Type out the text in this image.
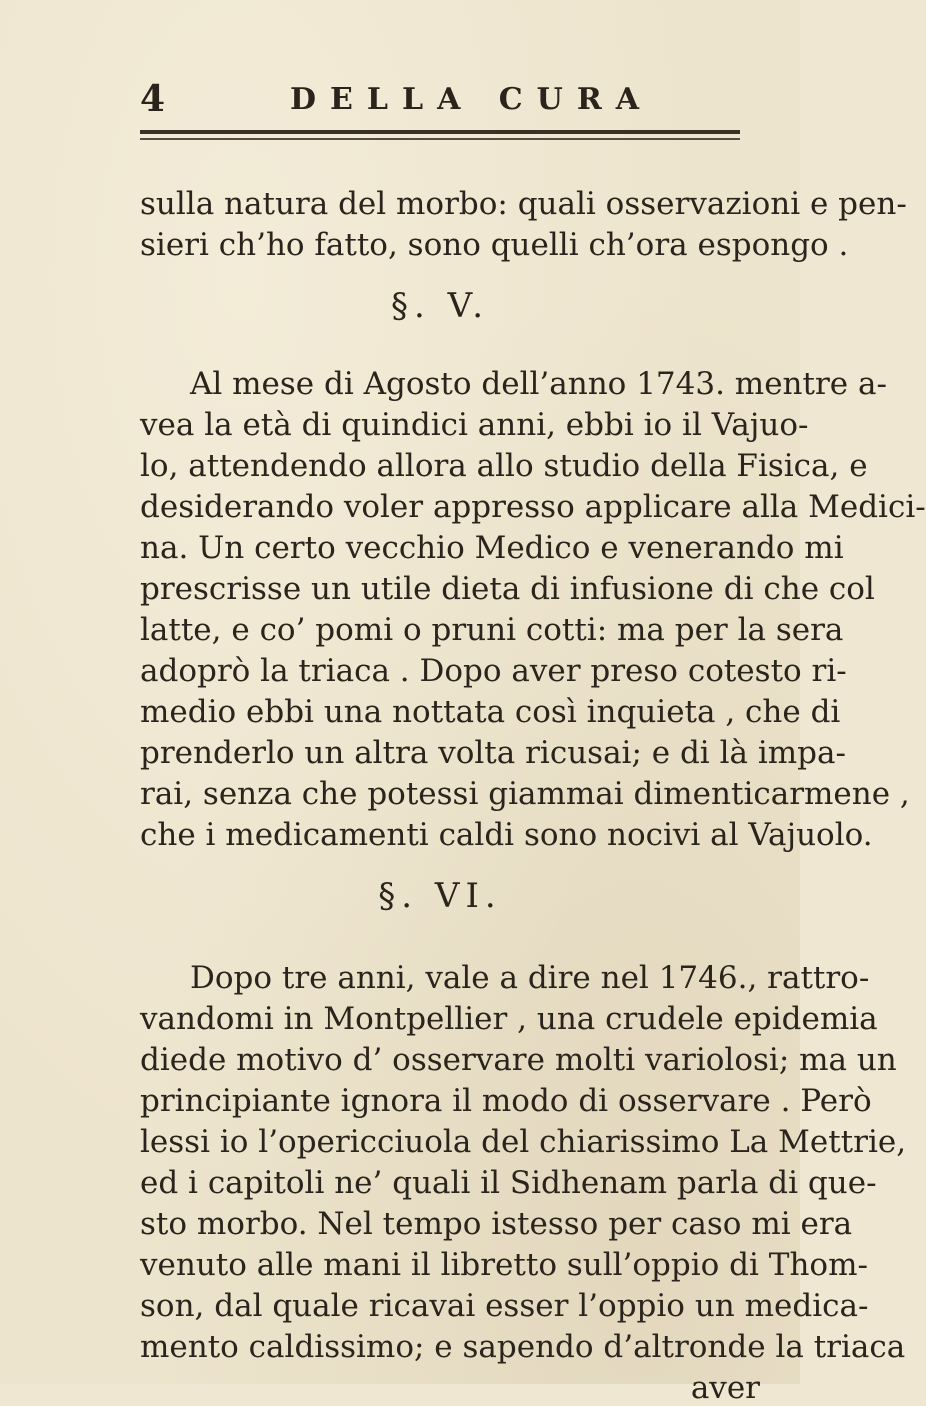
4	DELLA CURA
sulla natura del morbo: quali osservazioni e pen-
sieri ch’ho fatto, sono quelli ch’ora espongo .
§. V.
Al mese di Agosto dell’anno 1743. mentre a-
vea la età di quindici anni, ebbi io il Vajuo-
lo, attendendo allora allo studio della Fisica, e
desiderando voler appresso applicare alla Medici-
na. Un certo vecchio Medico e venerando mi
prescrisse un utile dieta di infusione di che col
latte, e co’ pomi o pruni cotti: ma per la sera
adoprò la triaca . Dopo aver preso cotesto ri-
medio ebbi una nottata così inquieta , che di
prenderlo un altra volta ricusai; e di là impa-
rai, senza che potessi giammai dimenticarmene ,
che i medicamenti caldi sono nocivi al Vajuolo.
§. VI.
Dopo tre anni, vale a dire nel 1746., rattro-
vandomi in Montpellier , una crudele epidemia
diede motivo d’ osservare molti variolosi; ma un
principiante ignora il modo di osservare . Però
lessi io l’opericciuola del chiarissimo La Mettrie,
ed i capitoli ne’ quali il Sidhenam parla di que-
sto morbo. Nel tempo istesso per caso mi era
venuto alle mani il libretto sull’oppio di Thom-
son, dal quale ricavai esser l’oppio un medica-
mento caldissimo; e sapendo d’altronde la triaca
aver
